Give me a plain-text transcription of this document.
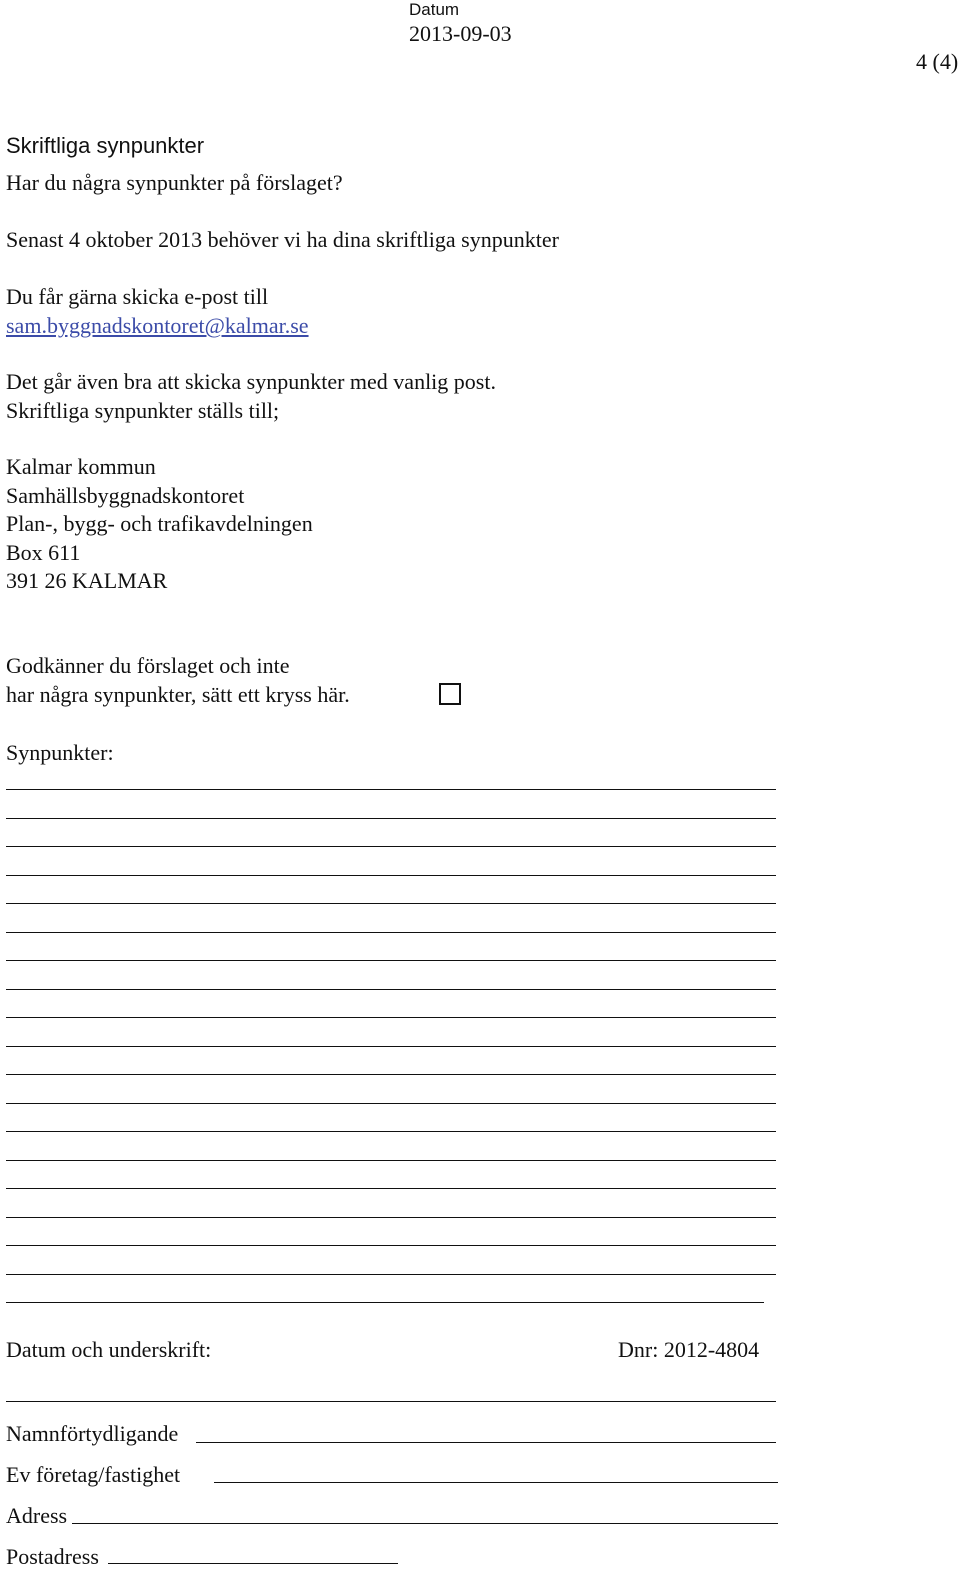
Datum
2013-09-03
4 (4)
Skriftliga synpunkter
Har du några synpunkter på förslaget?
Senast 4 oktober 2013 behöver vi ha dina skriftliga synpunkter
Du får gärna skicka e-post till
sam.byggnadskontoret@kalmar.se
Det går även bra att skicka synpunkter med vanlig post.
Skriftliga synpunkter ställs till;
Kalmar kommun
Samhällsbyggnadskontoret
Plan-, bygg- och trafikavdelningen
Box 611
391 26 KALMAR
Godkänner du förslaget och inte
har några synpunkter, sätt ett kryss här.
Synpunkter:
Datum och underskrift:	Dnr: 2012-4804
Namnförtydligande
Ev företag/fastighet
Adress
Postadress
